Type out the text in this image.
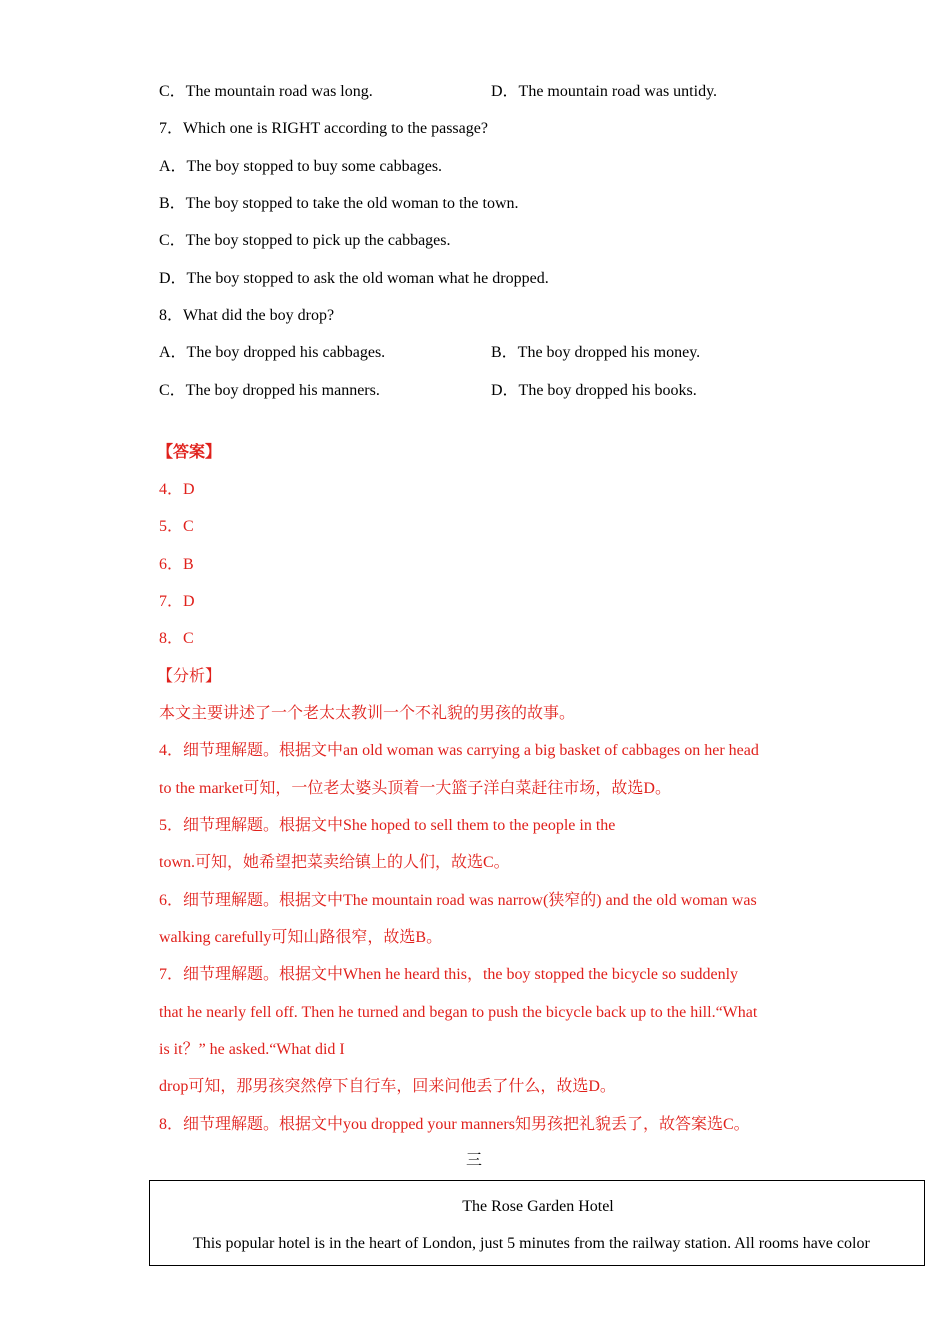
C．The mountain road was long.	D．The mountain road was untidy.
7．Which one is RIGHT according to the passage?
A．The boy stopped to buy some cabbages.
B．The boy stopped to take the old woman to the town.
C．The boy stopped to pick up the cabbages.
D．The boy stopped to ask the old woman what he dropped.
8．What did the boy drop?
A．The boy dropped his cabbages.	B．The boy dropped his money.
C．The boy dropped his manners.	D．The boy dropped his books.
【答案】
4．D
5．C
6．B
7．D
8．C
【分析】
本文主要讲述了一个老太太教训一个不礼貌的男孩的故事。
4．细节理解题。根据文中an old woman was carrying a big basket of cabbages on her head
to the market可知，一位老太婆头顶着一大篮子洋白菜赶往市场，故选D。
5．细节理解题。根据文中She hoped to sell them to the people in the
town.可知，她希望把菜卖给镇上的人们，故选C。
6．细节理解题。根据文中The mountain road was narrow(狭窄的) and the old woman was
walking carefully可知山路很窄，故选B。
7．细节理解题。根据文中When he heard this，the boy stopped the bicycle so suddenly
that he nearly fell off. Then he turned and began to push the bicycle back up to the hill.“What
is it？” he asked.“What did I
drop可知，那男孩突然停下自行车，回来问他丢了什么，故选D。
8．细节理解题。根据文中you dropped your manners知男孩把礼貌丢了，故答案选C。
三
The Rose Garden Hotel
This popular hotel is in the heart of London, just 5 minutes from the railway station. All rooms have color
